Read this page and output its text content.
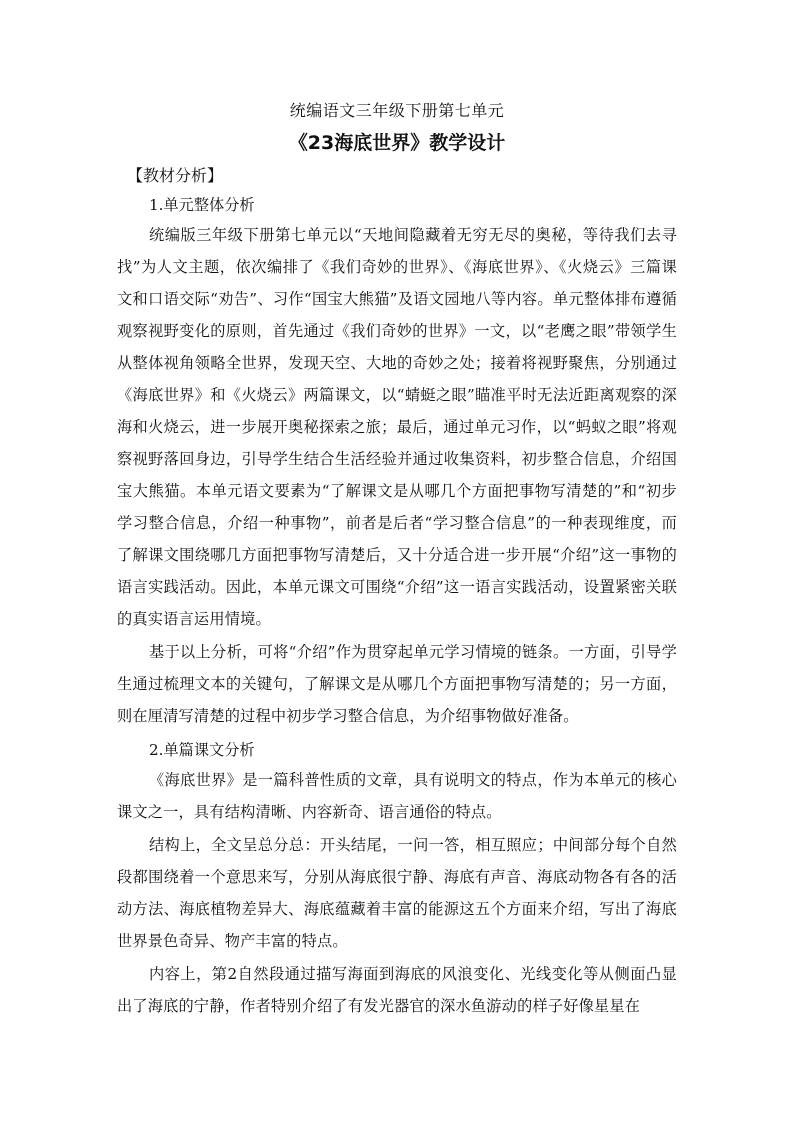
统编语文三年级下册第七单元

《23海底世界》教学设计

【教材分析】

1.单元整体分析

统编版三年级下册第七单元以“天地间隐藏着无穷无尽的奥秘，等待我们去寻找”为人文主题，依次编排了《我们奇妙的世界》、《海底世界》、《火烧云》三篇课文和口语交际“劝告”、习作“国宝大熊猫”及语文园地八等内容。单元整体排布遵循观察视野变化的原则，首先通过《我们奇妙的世界》一文，以“老鹰之眼”带领学生从整体视角领略全世界，发现天空、大地的奇妙之处；接着将视野聚焦，分别通过《海底世界》和《火烧云》两篇课文，以“蜻蜓之眼”瞄准平时无法近距离观察的深海和火烧云，进一步展开奥秘探索之旅；最后，通过单元习作，以“蚂蚁之眼”将观察视野落回身边，引导学生结合生活经验并通过收集资料，初步整合信息，介绍国宝大熊猫。本单元语文要素为“了解课文是从哪几个方面把事物写清楚的”和“初步学习整合信息，介绍一种事物”，前者是后者“学习整合信息”的一种表现维度，而了解课文围绕哪几方面把事物写清楚后，又十分适合进一步开展“介绍”这一事物的语言实践活动。因此，本单元课文可围绕“介绍”这一语言实践活动，设置紧密关联的真实语言运用情境。

基于以上分析，可将“介绍”作为贯穿起单元学习情境的链条。一方面，引导学生通过梳理文本的关键句，了解课文是从哪几个方面把事物写清楚的；另一方面，则在厘清写清楚的过程中初步学习整合信息，为介绍事物做好准备。

2.单篇课文分析

《海底世界》是一篇科普性质的文章，具有说明文的特点，作为本单元的核心课文之一，具有结构清晰、内容新奇、语言通俗的特点。

结构上，全文呈总分总：开头结尾，一问一答，相互照应；中间部分每个自然段都围绕着一个意思来写，分别从海底很宁静、海底有声音、海底动物各有各的活动方法、海底植物差异大、海底蕴藏着丰富的能源这五个方面来介绍，写出了海底世界景色奇异、物产丰富的特点。

内容上，第2自然段通过描写海面到海底的风浪变化、光线变化等从侧面凸显出了海底的宁静，作者特别介绍了有发光器官的深水鱼游动的样子好像星星在
